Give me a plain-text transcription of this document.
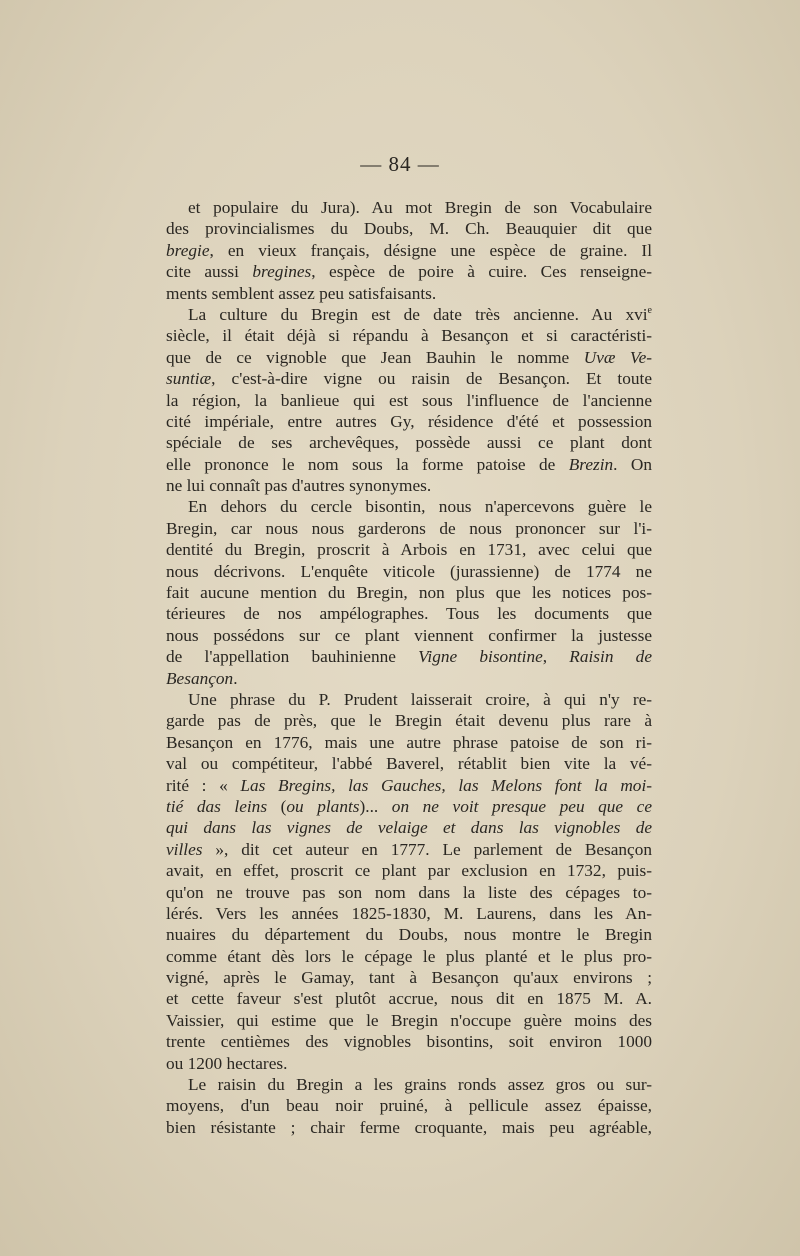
— 84 —
et populaire du Jura). Au mot Bregin de son Vocabulaire
des provincialismes du Doubs, M. Ch. Beauquier dit que
bregie, en vieux français, désigne une espèce de graine. Il
cite aussi bregines, espèce de poire à cuire. Ces renseigne-
ments semblent assez peu satisfaisants.
La culture du Bregin est de date très ancienne. Au xvi$^e$
siècle, il était déjà si répandu à Besançon et si caractéristi-
que de ce vignoble que Jean Bauhin le nomme Uvæ Ve-
suntiæ, c'est-à-dire vigne ou raisin de Besançon. Et toute
la région, la banlieue qui est sous l'influence de l'ancienne
cité impériale, entre autres Gy, résidence d'été et possession
spéciale de ses archevêques, possède aussi ce plant dont
elle prononce le nom sous la forme patoise de Brezin. On
ne lui connaît pas d'autres synonymes.
En dehors du cercle bisontin, nous n'apercevons guère le
Bregin, car nous nous garderons de nous prononcer sur l'i-
dentité du Bregin, proscrit à Arbois en 1731, avec celui que
nous décrivons. L'enquête viticole (jurassienne) de 1774 ne
fait aucune mention du Bregin, non plus que les notices pos-
térieures de nos ampélographes. Tous les documents que
nous possédons sur ce plant viennent confirmer la justesse
de l'appellation bauhinienne Vigne bisontine, Raisin de
Besançon.
Une phrase du P. Prudent laisserait croire, à qui n'y re-
garde pas de près, que le Bregin était devenu plus rare à
Besançon en 1776, mais une autre phrase patoise de son ri-
val ou compétiteur, l'abbé Baverel, rétablit bien vite la vé-
rité : « Las Bregins, las Gauches, las Melons font la moi-
tié das leins (ou plants)... on ne voit presque peu que ce
qui dans las vignes de velaige et dans las vignobles de
villes », dit cet auteur en 1777. Le parlement de Besançon
avait, en effet, proscrit ce plant par exclusion en 1732, puis-
qu'on ne trouve pas son nom dans la liste des cépages to-
lérés. Vers les années 1825-1830, M. Laurens, dans les An-
nuaires du département du Doubs, nous montre le Bregin
comme étant dès lors le cépage le plus planté et le plus pro-
vigné, après le Gamay, tant à Besançon qu'aux environs ;
et cette faveur s'est plutôt accrue, nous dit en 1875 M. A.
Vaissier, qui estime que le Bregin n'occupe guère moins des
trente centièmes des vignobles bisontins, soit environ 1000
ou 1200 hectares.
Le raisin du Bregin a les grains ronds assez gros ou sur-
moyens, d'un beau noir pruiné, à pellicule assez épaisse,
bien résistante ; chair ferme croquante, mais peu agréable,
